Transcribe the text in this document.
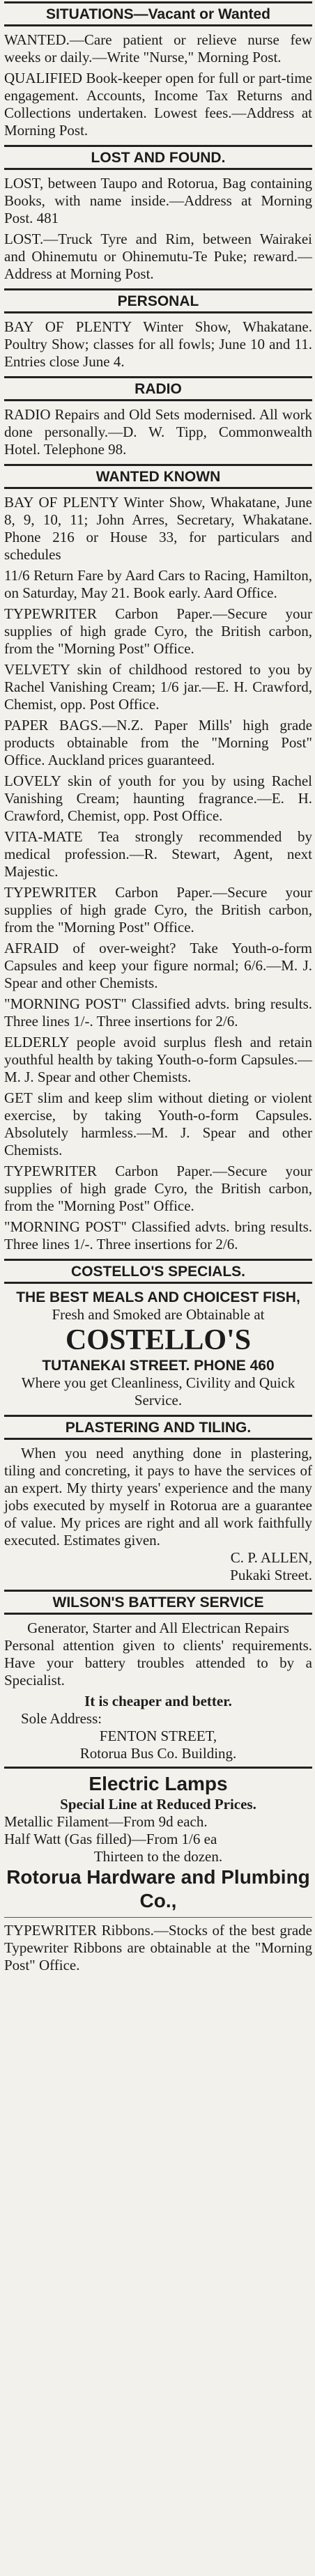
SITUATIONS—Vacant or Wanted
WANTED.—Care patient or relieve nurse few weeks or daily.—Write "Nurse," Morning Post.
QUALIFIED Book-keeper open for full or part-time engagement. Accounts, Income Tax Returns and Collections undertaken. Lowest fees.—Address at Morning Post.
LOST AND FOUND.
LOST, between Taupo and Rotorua, Bag containing Books, with name inside.—Address at Morning Post. 481
LOST.—Truck Tyre and Rim, between Wairakei and Ohinemutu or Ohinemutu-Te Puke; reward.—Address at Morning Post.
PERSONAL
BAY OF PLENTY Winter Show, Whakatane. Poultry Show; classes for all fowls; June 10 and 11. Entries close June 4.
RADIO
RADIO Repairs and Old Sets modernised. All work done personally.—D. W. Tipp, Commonwealth Hotel. Telephone 98.
WANTED KNOWN
BAY OF PLENTY Winter Show, Whakatane, June 8, 9, 10, 11; John Arres, Secretary, Whakatane. Phone 216 or House 33, for particulars and schedules
11/6 Return Fare by Aard Cars to Racing, Hamilton, on Saturday, May 21. Book early. Aard Office.
TYPEWRITER Carbon Paper.—Secure your supplies of high grade Cyro, the British carbon, from the "Morning Post" Office.
VELVETY skin of childhood restored to you by Rachel Vanishing Cream; 1/6 jar.—E. H. Crawford, Chemist, opp. Post Office.
PAPER BAGS.—N.Z. Paper Mills' high grade products obtainable from the "Morning Post" Office. Auckland prices guaranteed.
LOVELY skin of youth for you by using Rachel Vanishing Cream; haunting fragrance.—E. H. Crawford, Chemist, opp. Post Office.
VITA-MATE Tea strongly recommended by medical profession.—R. Stewart, Agent, next Majestic.
TYPEWRITER Carbon Paper.—Secure your supplies of high grade Cyro, the British carbon, from the "Morning Post" Office.
AFRAID of over-weight? Take Youth-o-form Capsules and keep your figure normal; 6/6.—M. J. Spear and other Chemists.
"MORNING POST" Classified advts. bring results. Three lines 1/-. Three insertions for 2/6.
ELDERLY people avoid surplus flesh and retain youthful health by taking Youth-o-form Capsules.—M. J. Spear and other Chemists.
GET slim and keep slim without dieting or violent exercise, by taking Youth-o-form Capsules. Absolutely harmless.—M. J. Spear and other Chemists.
TYPEWRITER Carbon Paper.—Secure your supplies of high grade Cyro, the British carbon, from the "Morning Post" Office.
"MORNING POST" Classified advts. bring results. Three lines 1/-. Three insertions for 2/6.
COSTELLO'S SPECIALS.
THE BEST MEALS AND CHOICEST FISH,
Fresh and Smoked are Obtainable at
COSTELLO'S
TUTANEKAI STREET. PHONE 460
Where you get Cleanliness, Civility and Quick Service.
PLASTERING AND TILING.
When you need anything done in plastering, tiling and concreting, it pays to have the services of an expert. My thirty years' experience and the many jobs executed by myself in Rotorua are a guarantee of value. My prices are right and all work faithfully executed. Estimates given.
C. P. ALLEN,
Pukaki Street.
WILSON'S BATTERY SERVICE
Generator, Starter and All Electrican Repairs
Personal attention given to clients' requirements. Have your battery troubles attended to by a Specialist.
It is cheaper and better.
Sole Address:
FENTON STREET,
Rotorua Bus Co. Building.
Electric Lamps
Special Line at Reduced Prices.
Metallic Filament—From 9d each.
Half Watt (Gas filled)—From 1/6 ea
Thirteen to the dozen.
Rotorua Hardware and Plumbing Co.,
TYPEWRITER Ribbons.—Stocks of the best grade Typewriter Ribbons are obtainable at the "Morning Post" Office.
